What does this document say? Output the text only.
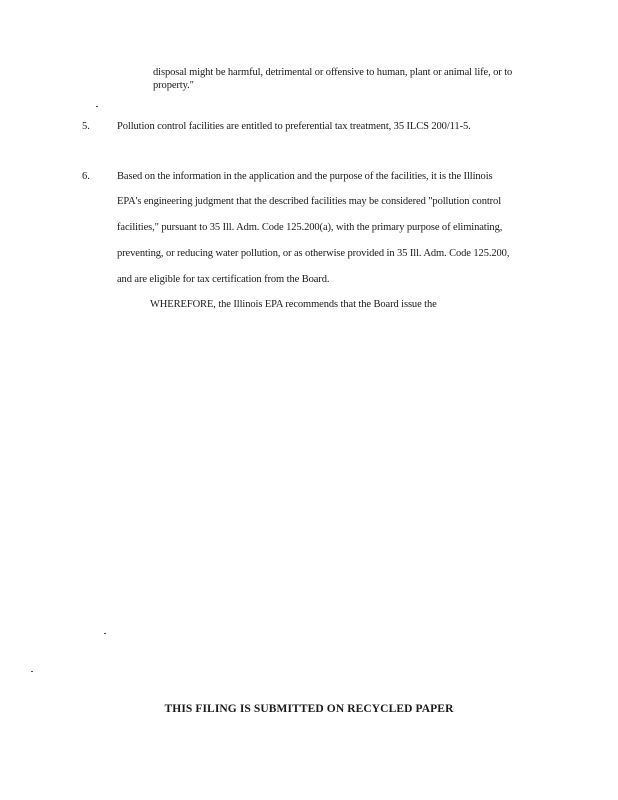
disposal might be harmful, detrimental or offensive to human, plant or animal life, or to
property."
5.	Pollution control facilities are entitled to preferential tax treatment, 35 ILCS 200/11-5.
6.	Based on the information in the application and the purpose of the facilities, it is the Illinois
EPA's engineering judgment that the described facilities may be considered "pollution control
facilities," pursuant to 35 Ill. Adm. Code 125.200(a), with the primary purpose of eliminating,
preventing, or reducing water pollution, or as otherwise provided in 35 Ill. Adm. Code 125.200,
and are eligible for tax certification from the Board.
WHEREFORE, the Illinois EPA recommends that the Board issue the
THIS FILING IS SUBMITTED ON RECYCLED PAPER
